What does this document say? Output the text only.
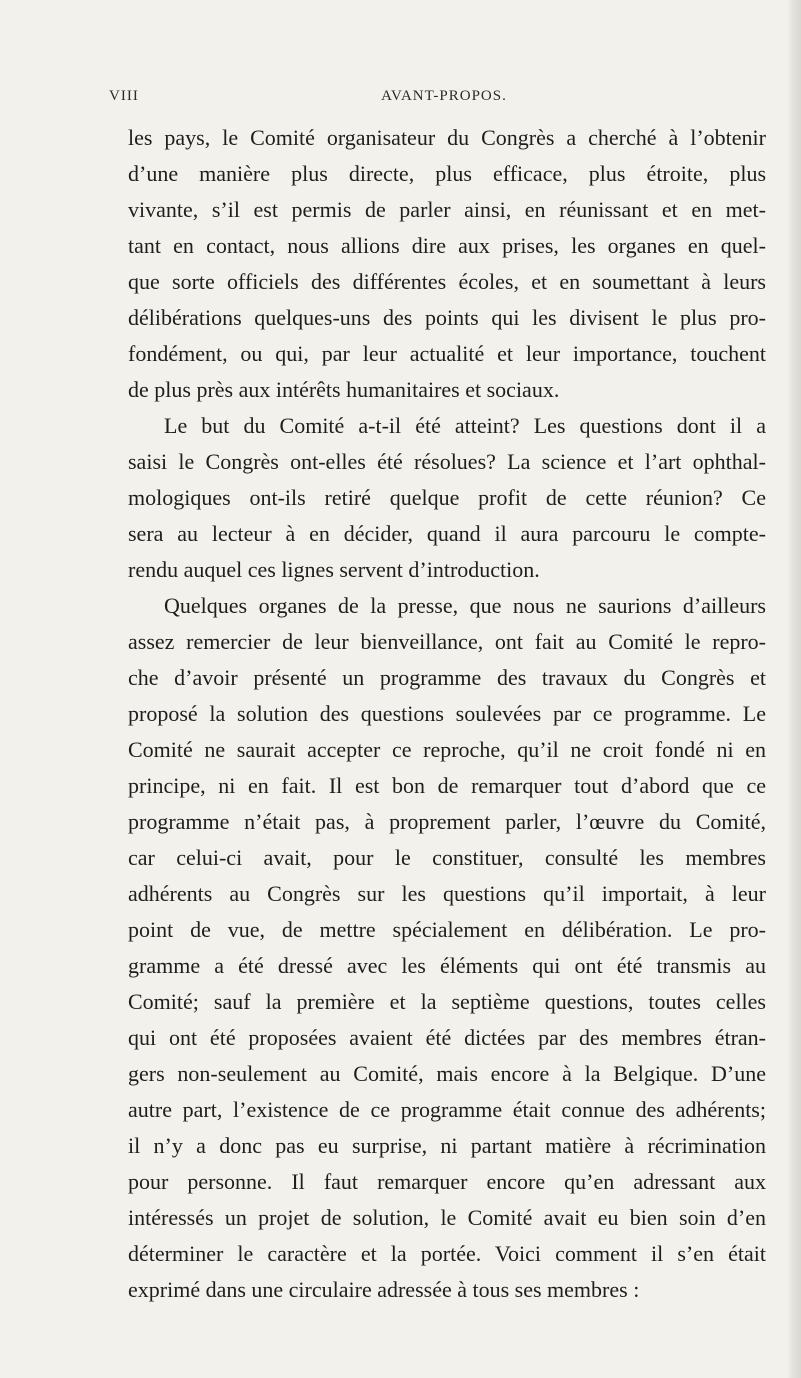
VIII	AVANT-PROPOS.
les pays, le Comité organisateur du Congrès a cherché à l’obtenir
d’une manière plus directe, plus efficace, plus étroite, plus
vivante, s’il est permis de parler ainsi, en réunissant et en met-
tant en contact, nous allions dire aux prises, les organes en quel-
que sorte officiels des différentes écoles, et en soumettant à leurs
délibérations quelques-uns des points qui les divisent le plus pro-
fondément, ou qui, par leur actualité et leur importance, touchent
de plus près aux intérêts humanitaires et sociaux.
Le but du Comité a-t-il été atteint? Les questions dont il a
saisi le Congrès ont-elles été résolues? La science et l’art ophthal-
mologiques ont-ils retiré quelque profit de cette réunion? Ce
sera au lecteur à en décider, quand il aura parcouru le compte-
rendu auquel ces lignes servent d’introduction.
Quelques organes de la presse, que nous ne saurions d’ailleurs
assez remercier de leur bienveillance, ont fait au Comité le repro-
che d’avoir présenté un programme des travaux du Congrès et
proposé la solution des questions soulevées par ce programme. Le
Comité ne saurait accepter ce reproche, qu’il ne croit fondé ni en
principe, ni en fait. Il est bon de remarquer tout d’abord que ce
programme n’était pas, à proprement parler, l’œuvre du Comité,
car celui-ci avait, pour le constituer, consulté les membres
adhérents au Congrès sur les questions qu’il importait, à leur
point de vue, de mettre spécialement en délibération. Le pro-
gramme a été dressé avec les éléments qui ont été transmis au
Comité; sauf la première et la septième questions, toutes celles
qui ont été proposées avaient été dictées par des membres étran-
gers non-seulement au Comité, mais encore à la Belgique. D’une
autre part, l’existence de ce programme était connue des adhérents;
il n’y a donc pas eu surprise, ni partant matière à récrimination
pour personne. Il faut remarquer encore qu’en adressant aux
intéressés un projet de solution, le Comité avait eu bien soin d’en
déterminer le caractère et la portée. Voici comment il s’en était
exprimé dans une circulaire adressée à tous ses membres :
